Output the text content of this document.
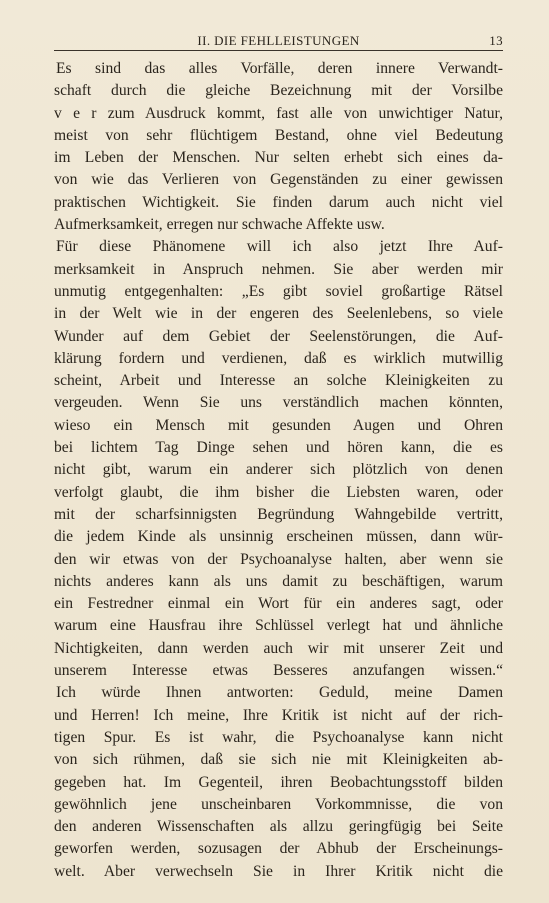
II. DIE FEHLLEISTUNGEN	13
Es sind das alles Vorfälle, deren innere Verwandt-
schaft durch die gleiche Bezeichnung mit der Vorsilbe
v e r zum Ausdruck kommt, fast alle von unwichtiger Natur,
meist von sehr flüchtigem Bestand, ohne viel Bedeutung
im Leben der Menschen. Nur selten erhebt sich eines da-
von wie das Verlieren von Gegenständen zu einer gewissen
praktischen Wichtigkeit. Sie finden darum auch nicht viel
Aufmerksamkeit, erregen nur schwache Affekte usw.
Für diese Phänomene will ich also jetzt Ihre Auf-
merksamkeit in Anspruch nehmen. Sie aber werden mir
unmutig entgegenhalten: „Es gibt soviel großartige Rätsel
in der Welt wie in der engeren des Seelenlebens, so viele
Wunder auf dem Gebiet der Seelenstörungen, die Auf-
klärung fordern und verdienen, daß es wirklich mutwillig
scheint, Arbeit und Interesse an solche Kleinigkeiten zu
vergeuden. Wenn Sie uns verständlich machen könnten,
wieso ein Mensch mit gesunden Augen und Ohren
bei lichtem Tag Dinge sehen und hören kann, die es
nicht gibt, warum ein anderer sich plötzlich von denen
verfolgt glaubt, die ihm bisher die Liebsten waren, oder
mit der scharfsinnigsten Begründung Wahngebilde vertritt,
die jedem Kinde als unsinnig erscheinen müssen, dann wür-
den wir etwas von der Psychoanalyse halten, aber wenn sie
nichts anderes kann als uns damit zu beschäftigen, warum
ein Festredner einmal ein Wort für ein anderes sagt, oder
warum eine Hausfrau ihre Schlüssel verlegt hat und ähnliche
Nichtigkeiten, dann werden auch wir mit unserer Zeit und
unserem Interesse etwas Besseres anzufangen wissen.“
Ich würde Ihnen antworten: Geduld, meine Damen
und Herren! Ich meine, Ihre Kritik ist nicht auf der rich-
tigen Spur. Es ist wahr, die Psychoanalyse kann nicht
von sich rühmen, daß sie sich nie mit Kleinigkeiten ab-
gegeben hat. Im Gegenteil, ihren Beobachtungsstoff bilden
gewöhnlich jene unscheinbaren Vorkommnisse, die von
den anderen Wissenschaften als allzu geringfügig bei Seite
geworfen werden, sozusagen der Abhub der Erscheinungs-
welt. Aber verwechseln Sie in Ihrer Kritik nicht die
